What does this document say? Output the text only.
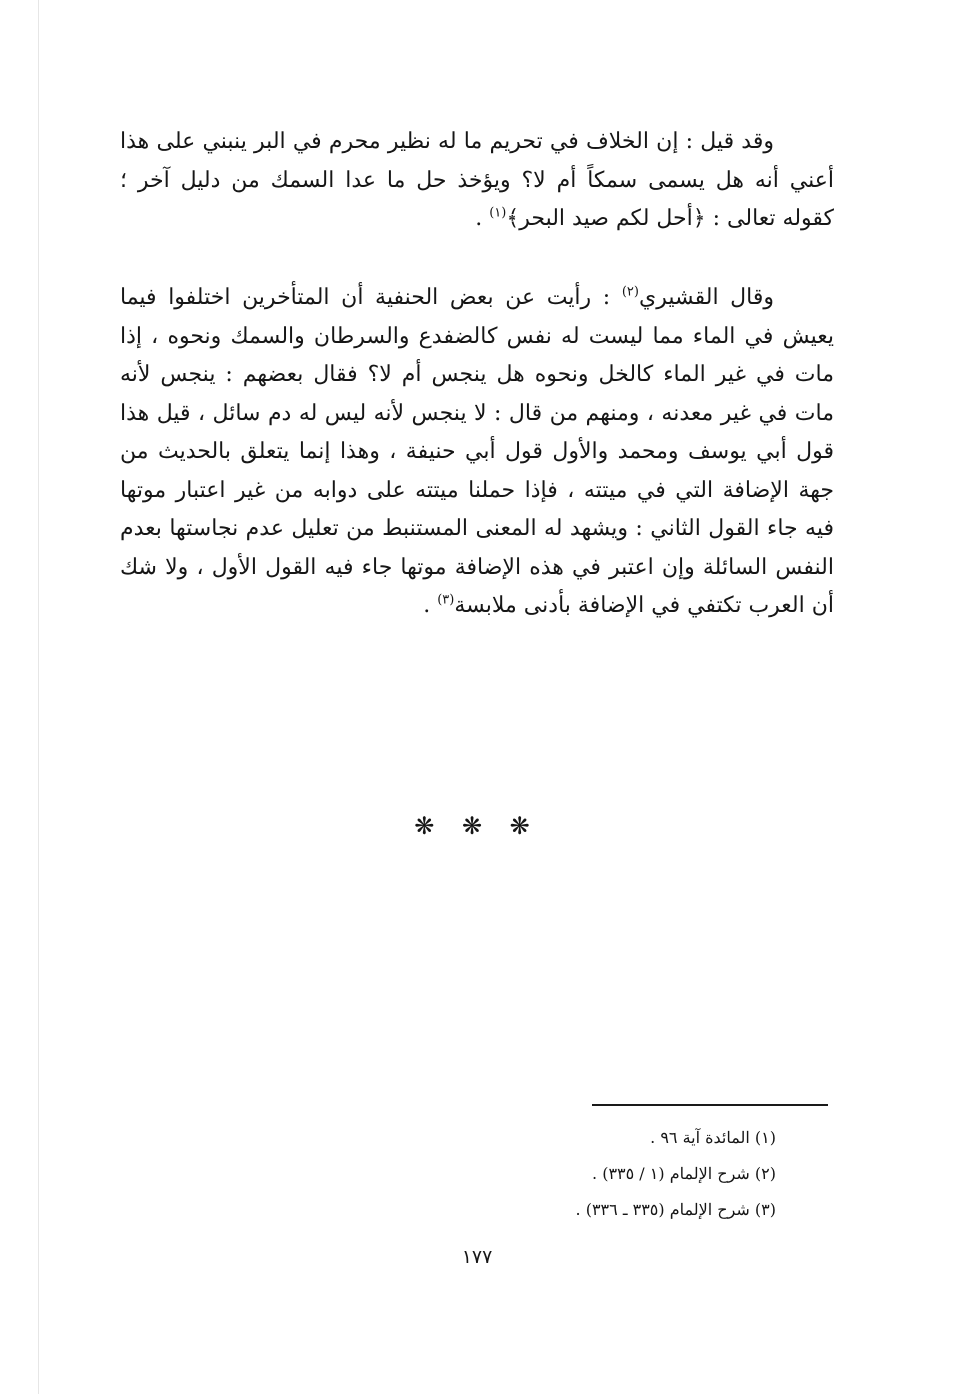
وقد قيل : إن الخلاف في تحريم ما له نظير محرم في البر ينبني على هذا أعني أنه هل يسمى سمكاً أم لا؟ ويؤخذ حل ما عدا السمك من دليل آخر ؛ كقوله تعالى : ﴿أحل لكم صيد البحر﴾$^{(١)}$ .

وقال القشيري$^{(٢)}$ : رأيت عن بعض الحنفية أن المتأخرين اختلفوا فيما يعيش في الماء مما ليست له نفس كالضفدع والسرطان والسمك ونحوه ، إذا مات في غير الماء كالخل ونحوه هل ينجس أم لا؟ فقال بعضهم : ينجس لأنه مات في غير معدنه ، ومنهم من قال : لا ينجس لأنه ليس له دم سائل ، قيل هذا قول أبي يوسف ومحمد والأول قول أبي حنيفة ، وهذا إنما يتعلق بالحديث من جهة الإضافة التي في ميتته ، فإذا حملنا ميتته على دوابه من غير اعتبار موتها فيه جاء القول الثاني : ويشهد له المعنى المستنبط من تعليل عدم نجاستها بعدم النفس السائلة وإن اعتبر في هذه الإضافة موتها جاء فيه القول الأول ، ولا شك أن العرب تكتفي في الإضافة بأدنى ملابسة$^{(٣)}$ .

❋ ❋ ❋
(١) المائدة آية ٩٦ .
(٢) شرح الإلمام (١ / ٣٣٥) .
(٣) شرح الإلمام (٣٣٥ ـ ٣٣٦) .
١٧٧
